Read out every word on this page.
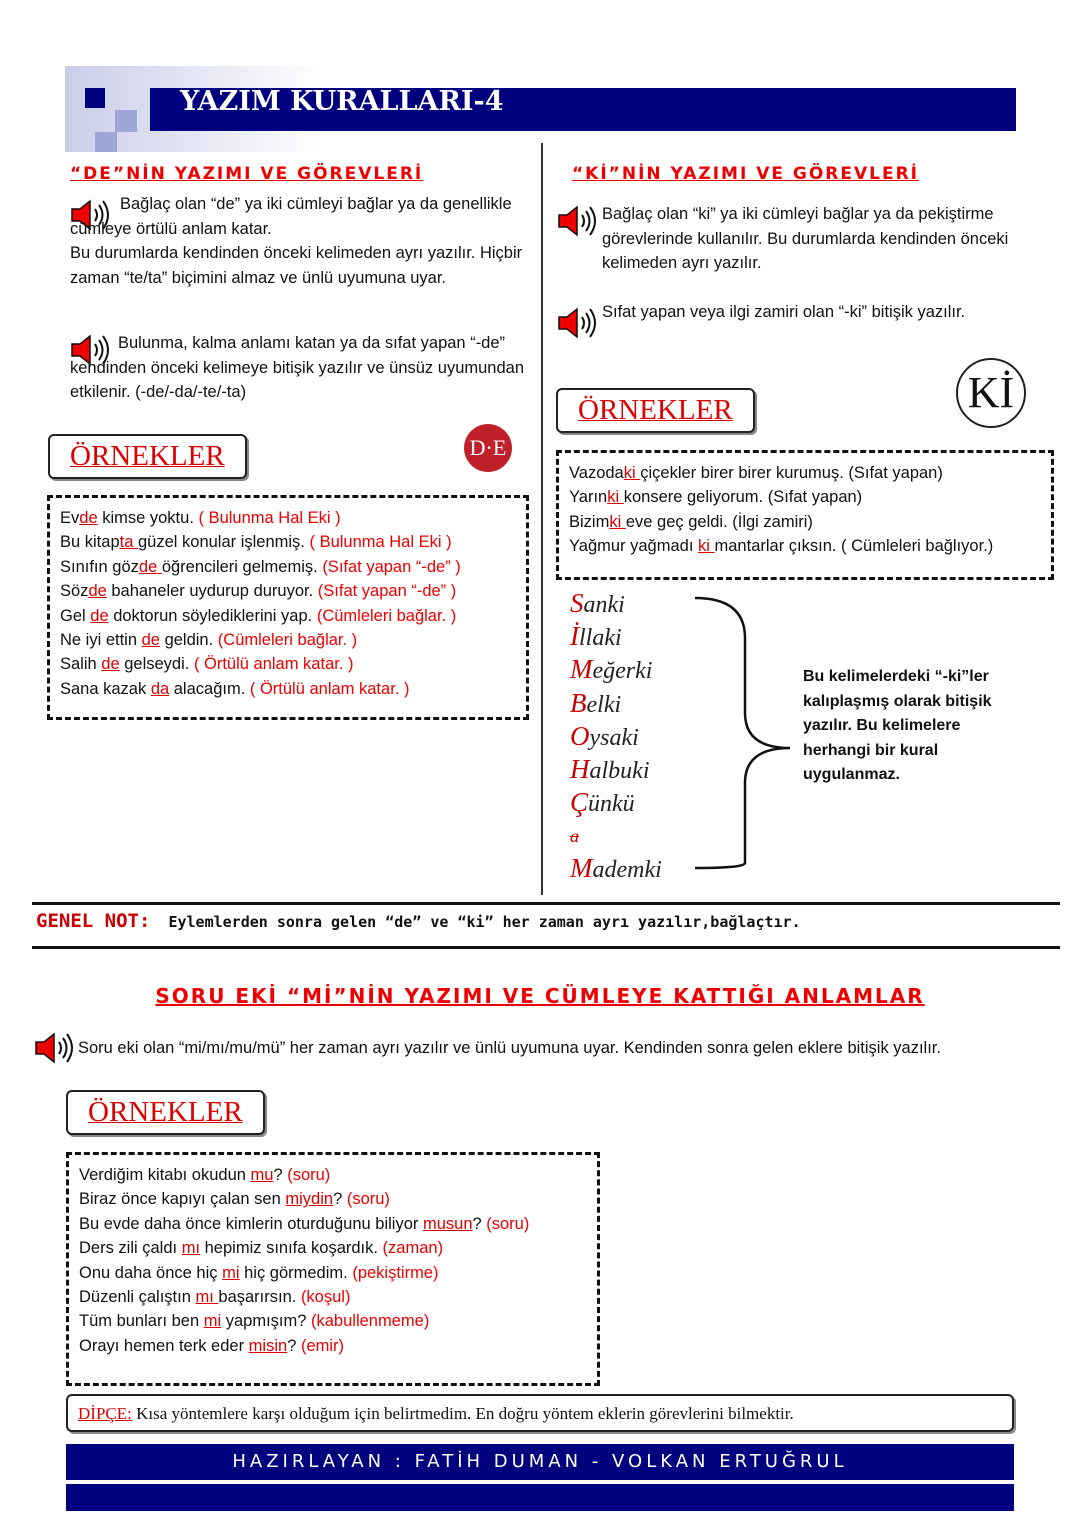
YAZIM KURALLARI-4
“DE”NİN YAZIMI VE GÖREVLERİ
Bağlaç olan “de” ya iki cümleyi bağlar ya da genellikle cümleye örtülü anlam katar.
Bu durumlarda kendinden önceki kelimeden ayrı yazılır. Hiçbir zaman “te/ta” biçimini almaz ve ünlü uyumuna uyar.
Bulunma, kalma anlamı katan ya da sıfat yapan “-de” kendinden önceki kelimeye bitişik yazılır ve ünsüz uyumundan etkilenir. (-de/-da/-te/-ta)
ÖRNEKLER	D·E
Evde kimse yoktu. ( Bulunma Hal Eki )
Bu kitapta güzel konular işlenmiş. ( Bulunma Hal Eki )
Sınıfın gözde öğrencileri gelmemiş. (Sıfat yapan “-de” )
Sözde bahaneler uydurup duruyor. (Sıfat yapan “-de” )
Gel de doktorun söylediklerini yap. (Cümleleri bağlar. )
Ne iyi ettin de geldin. (Cümleleri bağlar. )
Salih de gelseydi. ( Örtülü anlam katar. )
Sana kazak da alacağım. ( Örtülü anlam katar. )
“Kİ”NİN YAZIMI VE GÖREVLERİ
Bağlaç olan “ki” ya iki cümleyi bağlar ya da pekiştirme görevlerinde kullanılır. Bu durumlarda kendinden önceki kelimeden ayrı yazılır.
Sıfat yapan veya ilgi zamiri olan “-ki” bitişik yazılır.
Kİ
ÖRNEKLER
Vazodaki çiçekler birer birer kurumuş. (Sıfat yapan)
Yarınki konsere geliyorum. (Sıfat yapan)
Bizimki eve geç geldi. (İlgi zamiri)
Yağmur yağmadı ki mantarlar çıksın. ( Cümleleri bağlıyor.)
Sanki
İllaki
Meğerki
Belki
Oysaki
Halbuki
Çünkü
a
Mademki
Bu kelimelerdeki “-ki”ler kalıplaşmış olarak bitişik yazılır. Bu kelimelere herhangi bir kural uygulanmaz.
GENEL NOT: Eylemlerden sonra gelen “de” ve “ki” her zaman ayrı yazılır,bağlaçtır.
SORU EKİ “Mİ”NİN YAZIMI VE CÜMLEYE KATTIĞI ANLAMLAR
Soru eki olan “mi/mı/mu/mü” her zaman ayrı yazılır ve ünlü uyumuna uyar. Kendinden sonra gelen eklere bitişik yazılır.
ÖRNEKLER
Verdiğim kitabı okudun mu? (soru)
Biraz önce kapıyı çalan sen miydin? (soru)
Bu evde daha önce kimlerin oturduğunu biliyor musun? (soru)
Ders zili çaldı mı hepimiz sınıfa koşardık. (zaman)
Onu daha önce hiç mi hiç görmedim. (pekiştirme)
Düzenli çalıştın mı başarırsın. (koşul)
Tüm bunları ben mi yapmışım? (kabullenmeme)
Orayı hemen terk eder misin? (emir)
DİPÇE: Kısa yöntemlere karşı olduğum için belirtmedim. En doğru yöntem eklerin görevlerini bilmektir.
HAZIRLAYAN : FATİH DUMAN - VOLKAN ERTUĞRUL
